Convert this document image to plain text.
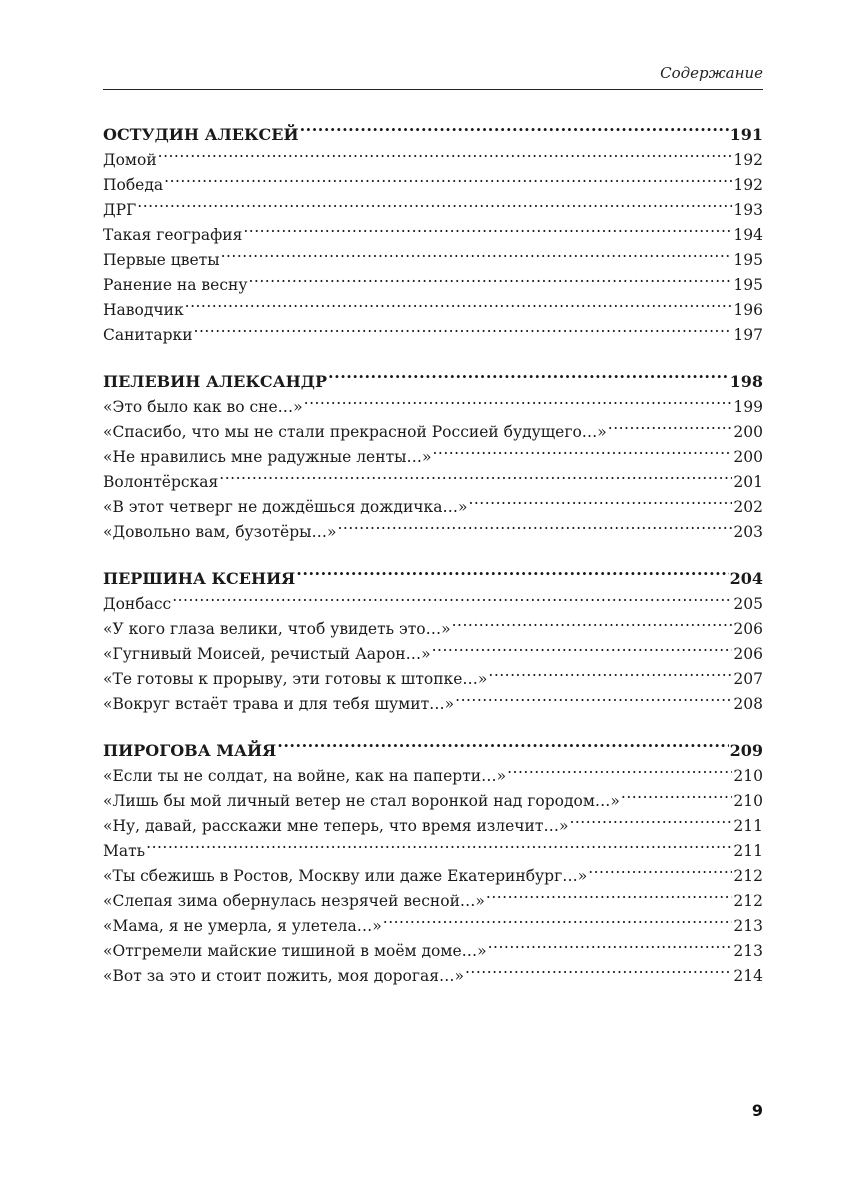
Содержание
ОСТУДИН АЛЕКСЕЙ .....	191
Домой .....	192
Победа .....	192
ДРГ .....	193
Такая география .....	194
Первые цветы .....	195
Ранение на весну .....	195
Наводчик .....	196
Санитарки .....	197
ПЕЛЕВИН АЛЕКСАНДР .....	198
«Это было как во сне…» .....	199
«Спасибо, что мы не стали прекрасной Россией будущего…» .....	200
«Не нравились мне радужные ленты…» .....	200
Волонтёрская .....	201
«В этот четверг не дождёшься дождичка…» .....	202
«Довольно вам, бузотёры…» .....	203
ПЕРШИНА КСЕНИЯ .....	204
Донбасс .....	205
«У кого глаза велики, чтоб увидеть это…» .....	206
«Гугнивый Моисей, речистый Аарон…» .....	206
«Те готовы к прорыву, эти готовы к штопке…» .....	207
«Вокруг встаёт трава и для тебя шумит…» .....	208
ПИРОГОВА МАЙЯ .....	209
«Если ты не солдат, на войне, как на паперти…» .....	210
«Лишь бы мой личный ветер не стал воронкой над городом…» .....	210
«Ну, давай, расскажи мне теперь, что время излечит…» .....	211
Мать .....	211
«Ты сбежишь в Ростов, Москву или даже Екатеринбург…» .....	212
«Слепая зима обернулась незрячей весной…» .....	212
«Мама, я не умерла, я улетела…» .....	213
«Отгремели майские тишиной в моём доме…» .....	213
«Вот за это и стоит пожить, моя дорогая…» .....	214
9
